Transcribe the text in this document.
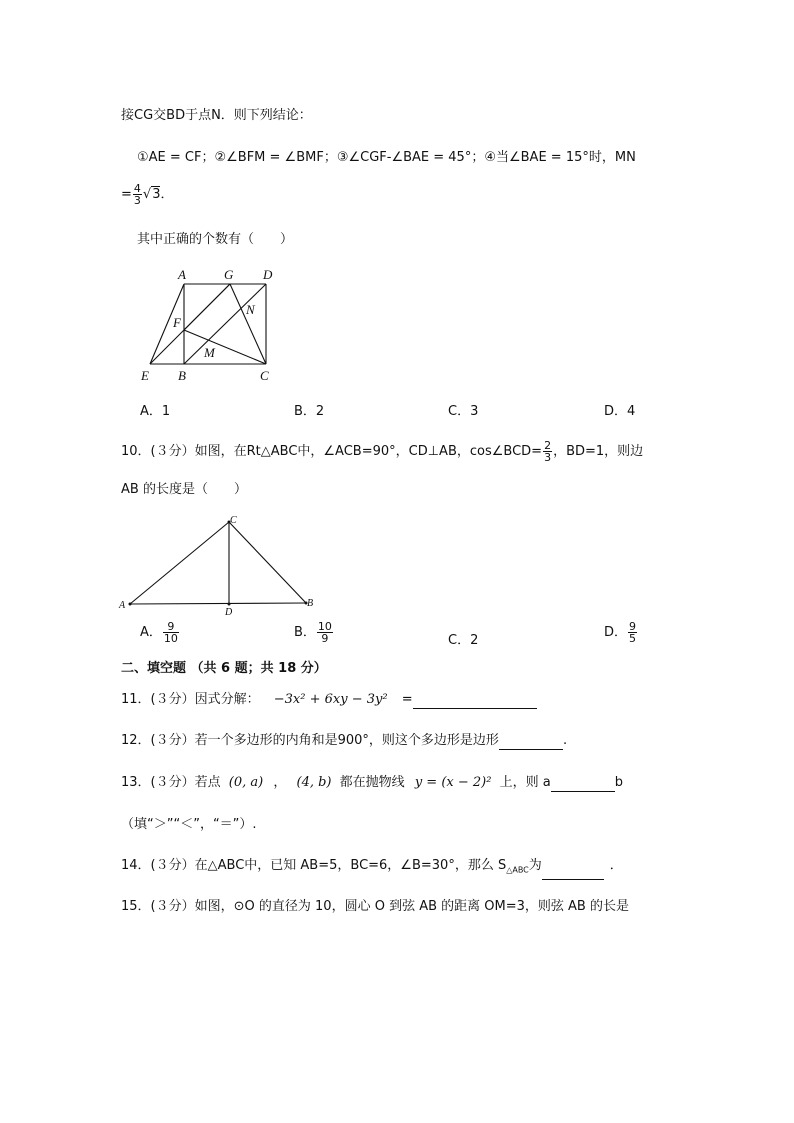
接CG交BD于点N．则下列结论：
①AE = CF；②∠BFM = ∠BMF；③∠CGF-∠BAE = 45°；④当∠BAE = 15°时，MN
= $\frac{4}{3} √3$．
其中正确的个数有（　　）
A	G D
F
N
M
E B	C
A．1	B．2	C．3	D．4
10．(３分）如图，在Rt△ABC中，∠ACB=90°，CD⊥AB，cos∠BCD= $\frac{2}{3}$ ，BD=1，则边
AB 的长度是（　　）
C
A
D
B
A． $\frac{9}{10}$	B． $\frac{10}{9}$	C．2
D． $\frac{9}{5}$
二、填空题 （共 6 题；共 18 分）
11．(３分）因式分解： −3x² + 6xy − 3y² =
12．(３分）若一个多边形的内角和是900°，则这个多边形是边形	.
13．(３分）若点 (0, a) ， (4, b) 都在抛物线 y = (x − 2)² 上，则 a	b
（填“＞”“＜”，“＝”）.
14．(３分）在△ABC中，已知 AB=5，BC=6，∠B=30°，那么 $S_{\triangle ABC}$为	．
15．(３分）如图，⊙O 的直径为 10，圆心 O 到弦 AB 的距离 OM=3，则弦 AB 的长是
